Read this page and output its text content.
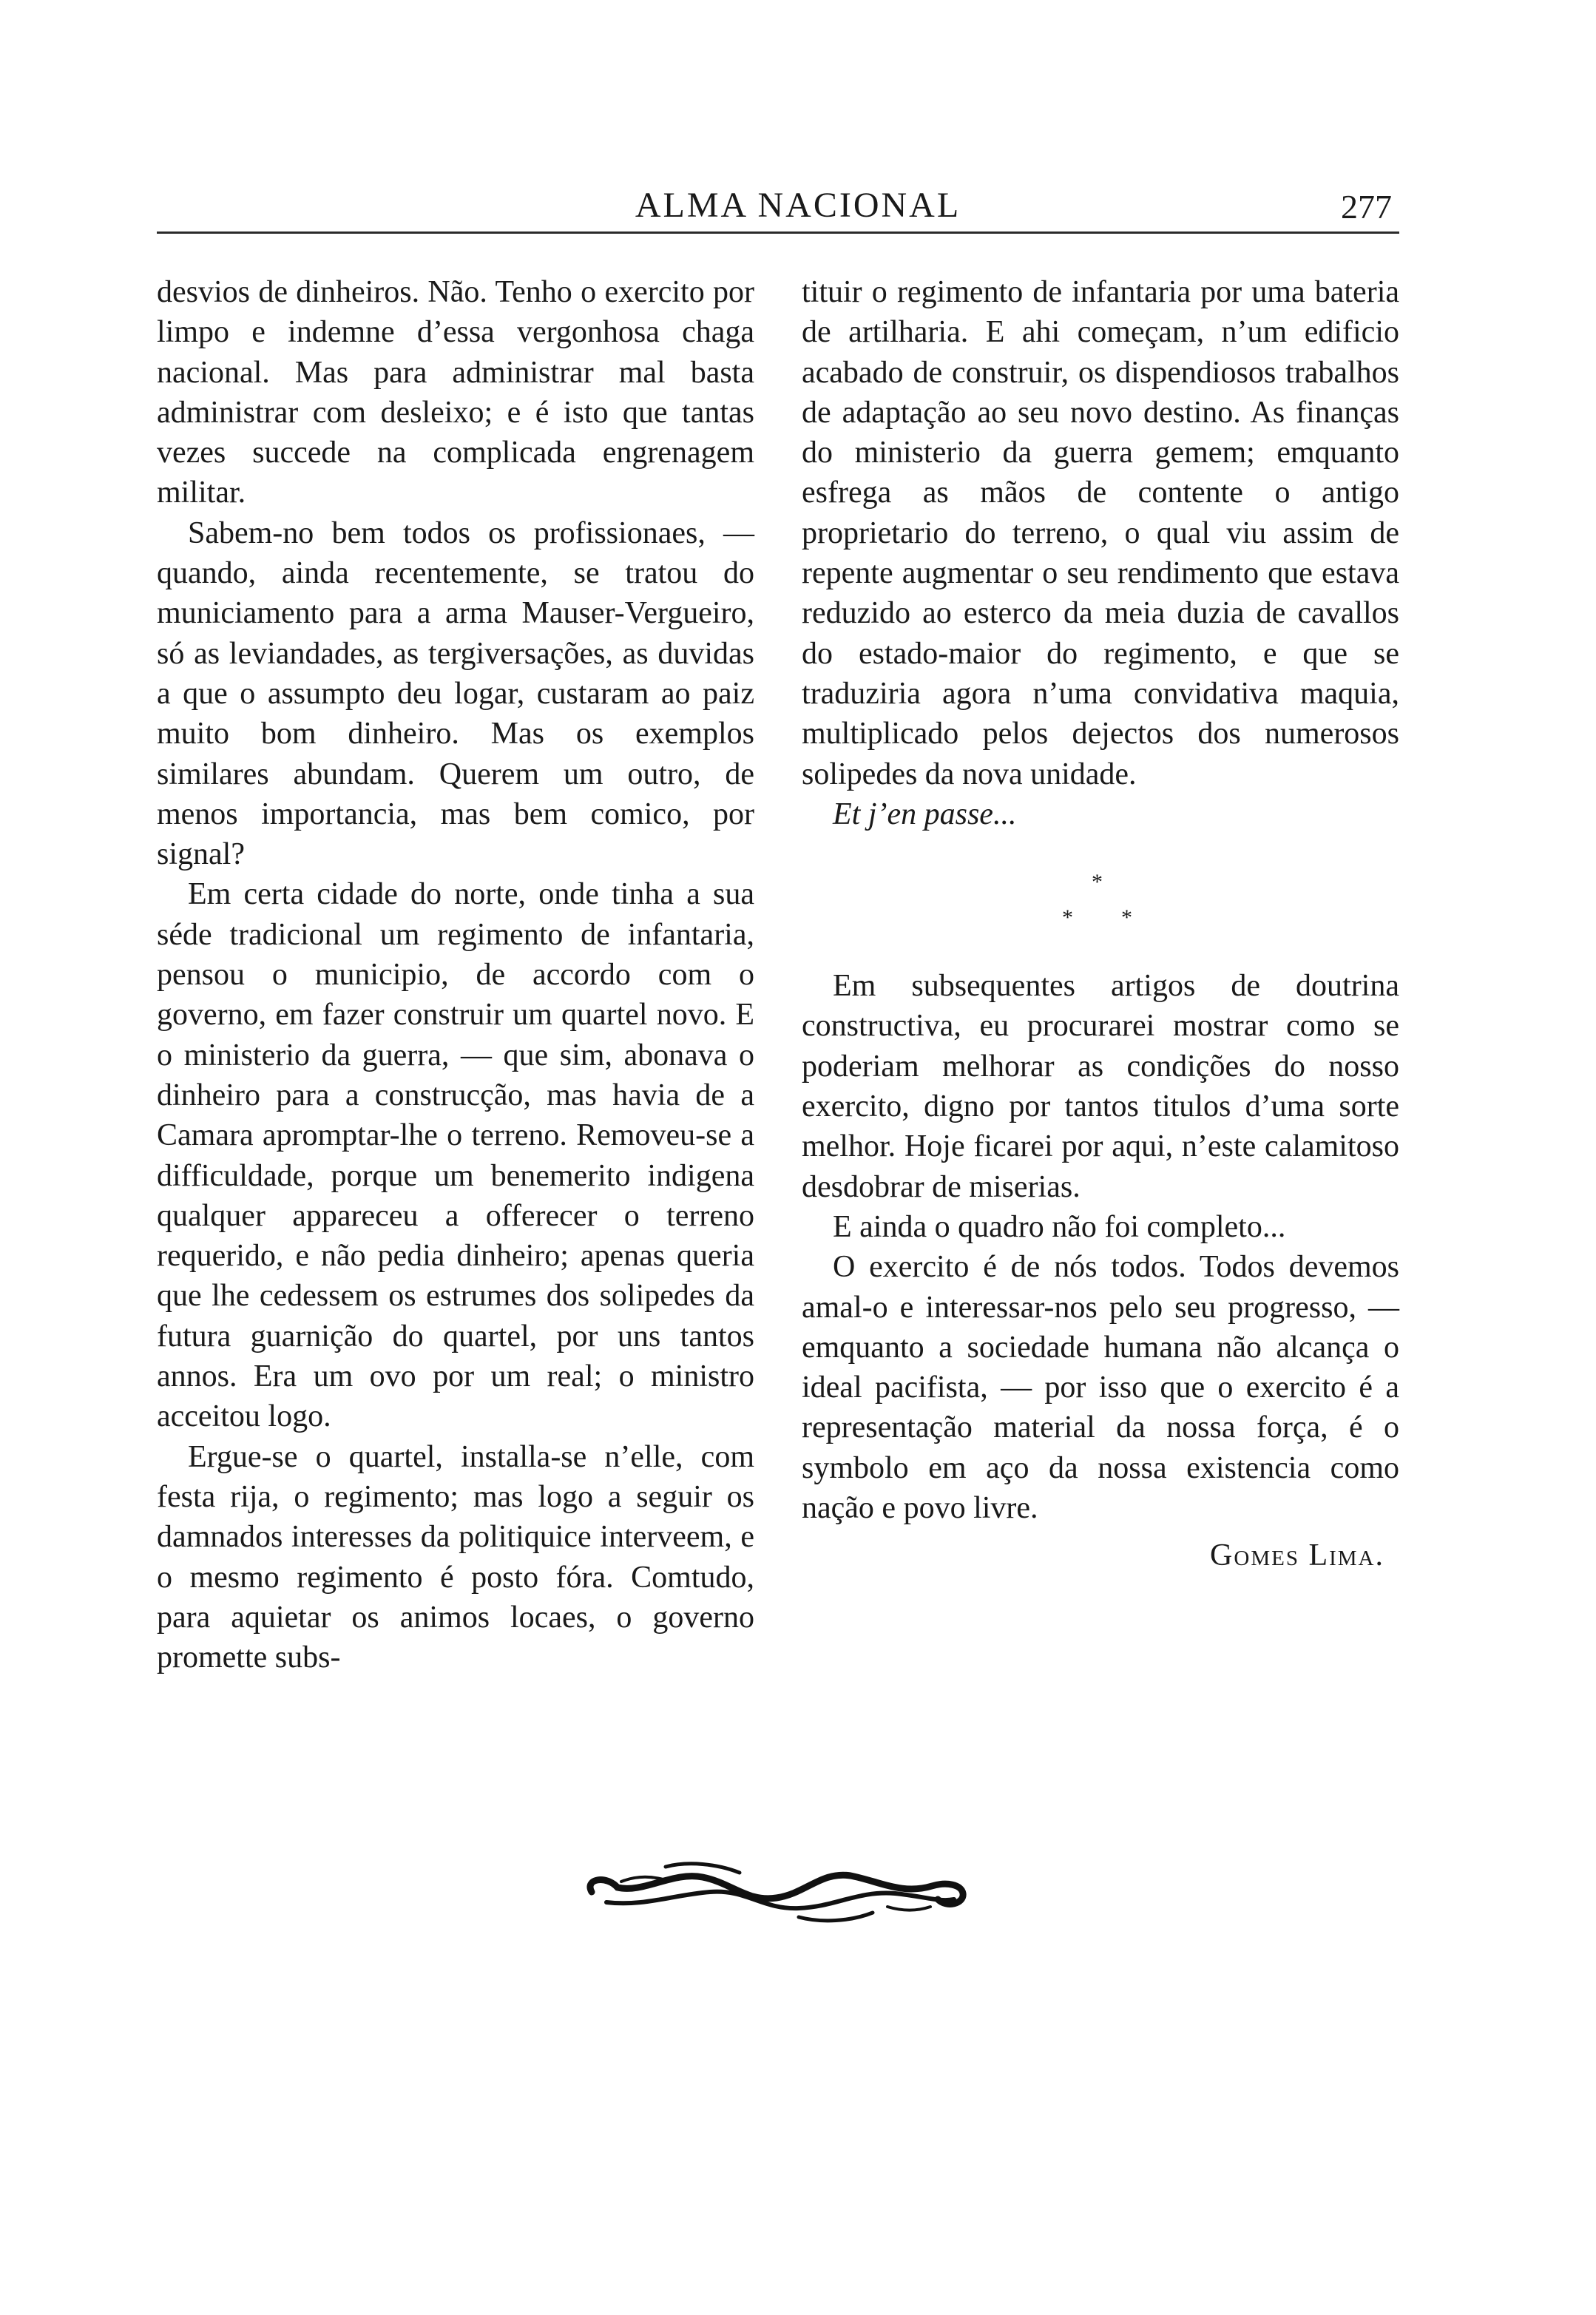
ALMA NACIONAL	277

desvios de dinheiros. Não. Tenho o exercito por limpo e indemne d’essa vergonhosa chaga nacional. Mas para administrar mal basta administrar com desleixo; e é isto que tantas vezes succede na complicada engrenagem militar.

Sabem-no bem todos os profissionaes, — quando, ainda recentemente, se tratou do municiamento para a arma Mauser-Vergueiro, só as leviandades, as tergiversações, as duvidas a que o assumpto deu logar, custaram ao paiz muito bom dinheiro. Mas os exemplos similares abundam. Querem um outro, de menos importancia, mas bem comico, por signal?

Em certa cidade do norte, onde tinha a sua séde tradicional um regimento de infantaria, pensou o municipio, de accordo com o governo, em fazer construir um quartel novo. E o ministerio da guerra, — que sim, abonava o dinheiro para a construcção, mas havia de a Camara apromptar-lhe o terreno. Removeu-se a difficuldade, porque um benemerito indigena qualquer appareceu a offerecer o terreno requerido, e não pedia dinheiro; apenas queria que lhe cedessem os estrumes dos solipedes da futura guarnição do quartel, por uns tantos annos. Era um ovo por um real; o ministro acceitou logo.

Ergue-se o quartel, installa-se n’elle, com festa rija, o regimento; mas logo a seguir os damnados interesses da politiquice interveem, e o mesmo regimento é posto fóra. Comtudo, para aquietar os animos locaes, o governo promette subs-

tituir o regimento de infantaria por uma bateria de artilharia. E ahi começam, n’um edificio acabado de construir, os dispendiosos trabalhos de adaptação ao seu novo destino. As finanças do ministerio da guerra gemem; emquanto esfrega as mãos de contente o antigo proprietario do terreno, o qual viu assim de repente augmentar o seu rendimento que estava reduzido ao esterco da meia duzia de cavallos do estado-maior do regimento, e que se traduziria agora n’uma convidativa maquia, multiplicado pelos dejectos dos numerosos solipedes da nova unidade.

Et j’en passe...

*
* *

Em subsequentes artigos de doutrina constructiva, eu procurarei mostrar como se poderiam melhorar as condições do nosso exercito, digno por tantos titulos d’uma sorte melhor. Hoje ficarei por aqui, n’este calamitoso desdobrar de miserias.

E ainda o quadro não foi completo...

O exercito é de nós todos. Todos devemos amal-o e interessar-nos pelo seu progresso, — emquanto a sociedade humana não alcança o ideal pacifista, — por isso que o exercito é a representação material da nossa força, é o symbolo em aço da nossa existencia como nação e povo livre.

Gomes Lima.
